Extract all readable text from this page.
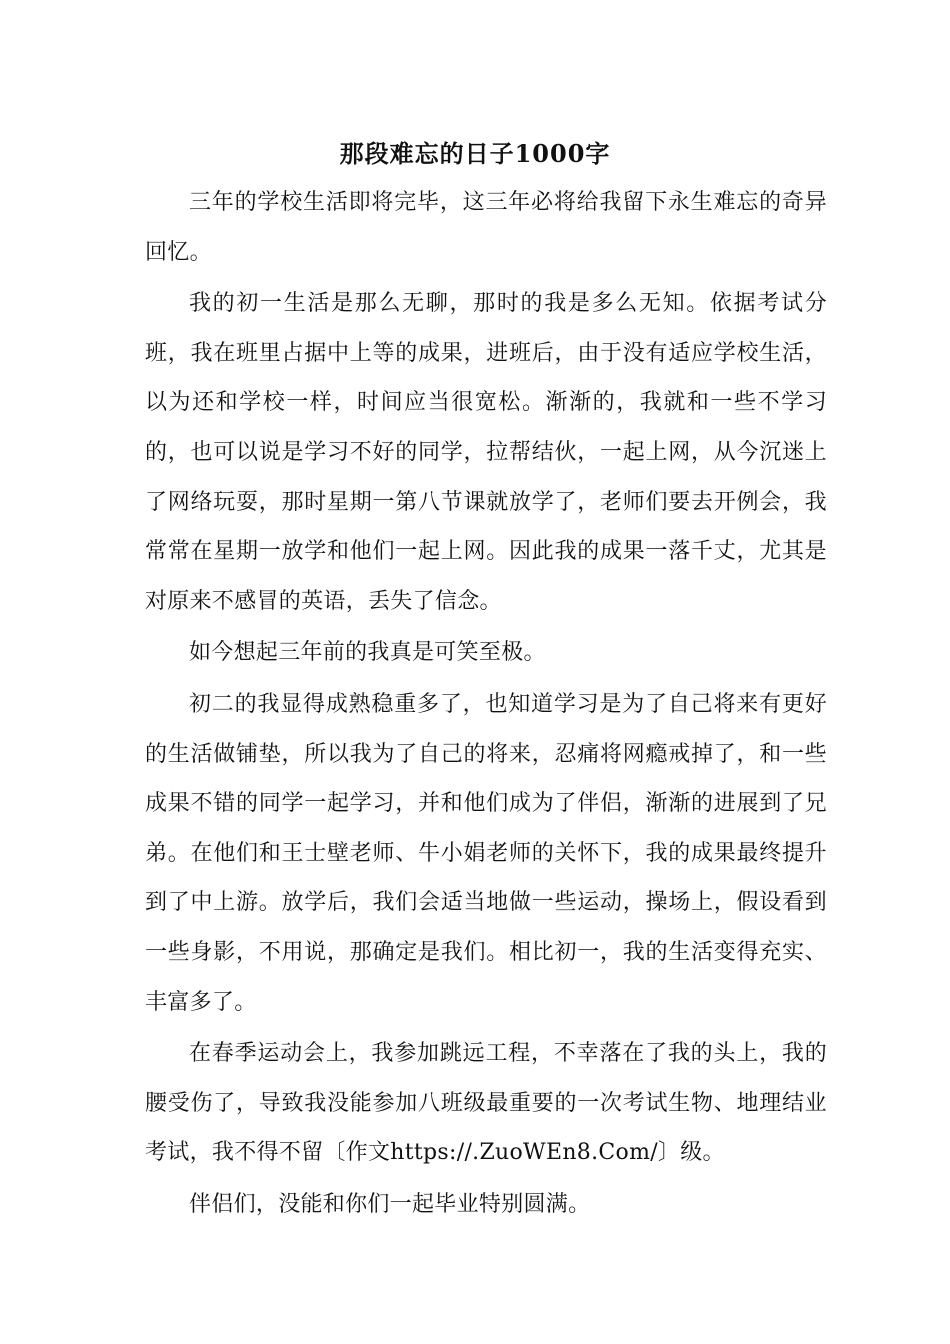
那段难忘的日子1000字

三年的学校生活即将完毕，这三年必将给我留下永生难忘的奇异回忆。

我的初一生活是那么无聊，那时的我是多么无知。依据考试分班，我在班里占据中上等的成果，进班后，由于没有适应学校生活，以为还和学校一样，时间应当很宽松。渐渐的，我就和一些不学习的，也可以说是学习不好的同学，拉帮结伙，一起上网，从今沉迷上了网络玩耍，那时星期一第八节课就放学了，老师们要去开例会，我常常在星期一放学和他们一起上网。因此我的成果一落千丈，尤其是对原来不感冒的英语，丢失了信念。

如今想起三年前的我真是可笑至极。

初二的我显得成熟稳重多了，也知道学习是为了自己将来有更好的生活做铺垫，所以我为了自己的将来，忍痛将网瘾戒掉了，和一些成果不错的同学一起学习，并和他们成为了伴侣，渐渐的进展到了兄弟。在他们和王士壁老师、牛小娟老师的关怀下，我的成果最终提升到了中上游。放学后，我们会适当地做一些运动，操场上，假设看到一些身影，不用说，那确定是我们。相比初一，我的生活变得充实、丰富多了。

在春季运动会上，我参加跳远工程，不幸落在了我的头上，我的腰受伤了，导致我没能参加八班级最重要的一次考试生物、地理结业考试，我不得不留〔作文https://.ZuoWEn8.Com/〕级。

伴侣们，没能和你们一起毕业特别圆满。
